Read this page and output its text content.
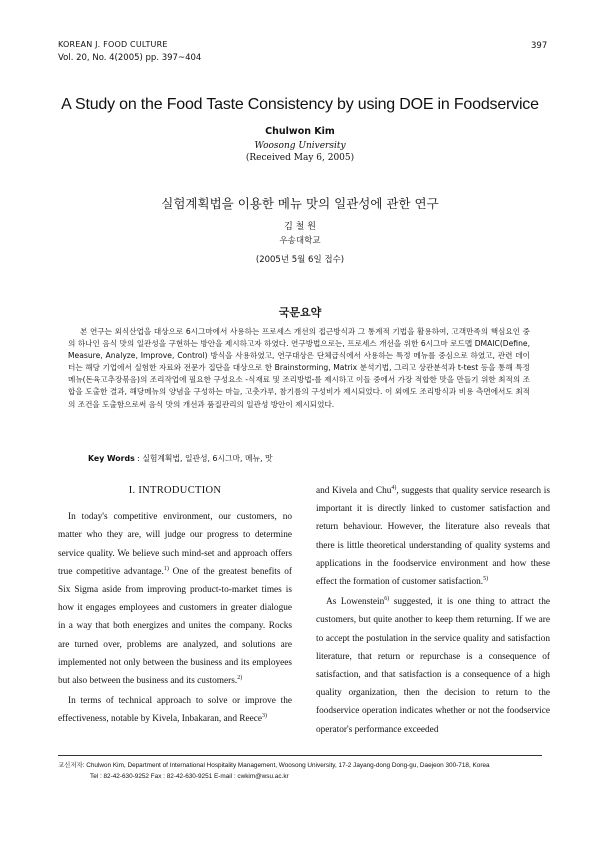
KOREAN J. FOOD CULTURE
Vol. 20, No. 4(2005) pp. 397~404
397
A Study on the Food Taste Consistency by using DOE in Foodservice
Chulwon Kim
Woosong University
(Received May 6, 2005)
실험계획법을 이용한 메뉴 맛의 일관성에 관한 연구
김 철 원
우송대학교
(2005년 5월 6일 접수)
국문요약
본 연구는 외식산업을 대상으로 6시그마에서 사용하는 프로세스 개선의 접근방식과 그 통계적 기법을 활용하여, 고객만족의 핵심요인 중의 하나인 음식 맛의 일관성을 구현하는 방안을 제시하고자 하였다. 연구방법으로는, 프로세스 개선을 위한 6시그마 로드맵 DMAIC(Define, Measure, Analyze, Improve, Control) 방식을 사용하였고, 연구대상은 단체급식에서 사용하는 특정 메뉴를 중심으로 하였고, 관련 데이터는 해당 기업에서 실험한 자료와 전문가 집단을 대상으로 한 Brainstorming, Matrix 분석기법, 그리고 상관분석과 t-test 등을 통해 특정메뉴(돈육고추장볶음)의 조리작업에 필요한 구성요소 -식재료 및 조리방법-를 제시하고 이들 중에서 가장 적합한 맛을 만들기 위한 최적의 조합을 도출한 결과, 해당메뉴의 양념을 구성하는 마늘, 고춧가루, 참기름의 구성비가 제시되었다. 이 외에도 조리방식과 비용 측면에서도 최적의 조건을 도출함으로써 음식 맛의 개선과 품질관리의 일관성 방안이 제시되었다.
Key Words : 실험계획법, 일관성, 6시그마, 메뉴, 맛
I. INTRODUCTION

In today's competitive environment, our customers, no matter who they are, will judge our progress to determine service quality. We believe such mind-set and approach offers true competitive advantage.$^{1)}$ One of the greatest benefits of Six Sigma aside from improving product-to-market times is how it engages employees and customers in greater dialogue in a way that both energizes and unites the company. Rocks are turned over, problems are analyzed, and solutions are implemented not only between the business and its employees but also between the business and its customers.$^{2)}$

In terms of technical approach to solve or improve the effectiveness, notable by Kivela, Inbakaran, and Reece$^{3)}$

and Kivela and Chu$^{4)}$, suggests that quality service research is important it is directly linked to customer satisfaction and return behaviour. However, the literature also reveals that there is little theoretical understanding of quality systems and applications in the foodservice environment and how these effect the formation of customer satisfaction.$^{5)}$

As Lowenstein$^{6)}$ suggested, it is one thing to attract the customers, but quite another to keep them returning. If we are to accept the postulation in the service quality and satisfaction literature, that return or repurchase is a consequence of satisfaction, and that satisfaction is a consequence of a high quality organization, then the decision to return to the foodservice operation indicates whether or not the foodservice operator's performance exceeded

교신저자: Chulwon Kim, Department of International Hospitality Management, Woosong University, 17-2 Jayang-dong Dong-gu, Daejeon 300-718, Korea
Tel : 82-42-630-9252 Fax : 82-42-630-9251 E-mail : cwkim@wsu.ac.kr
